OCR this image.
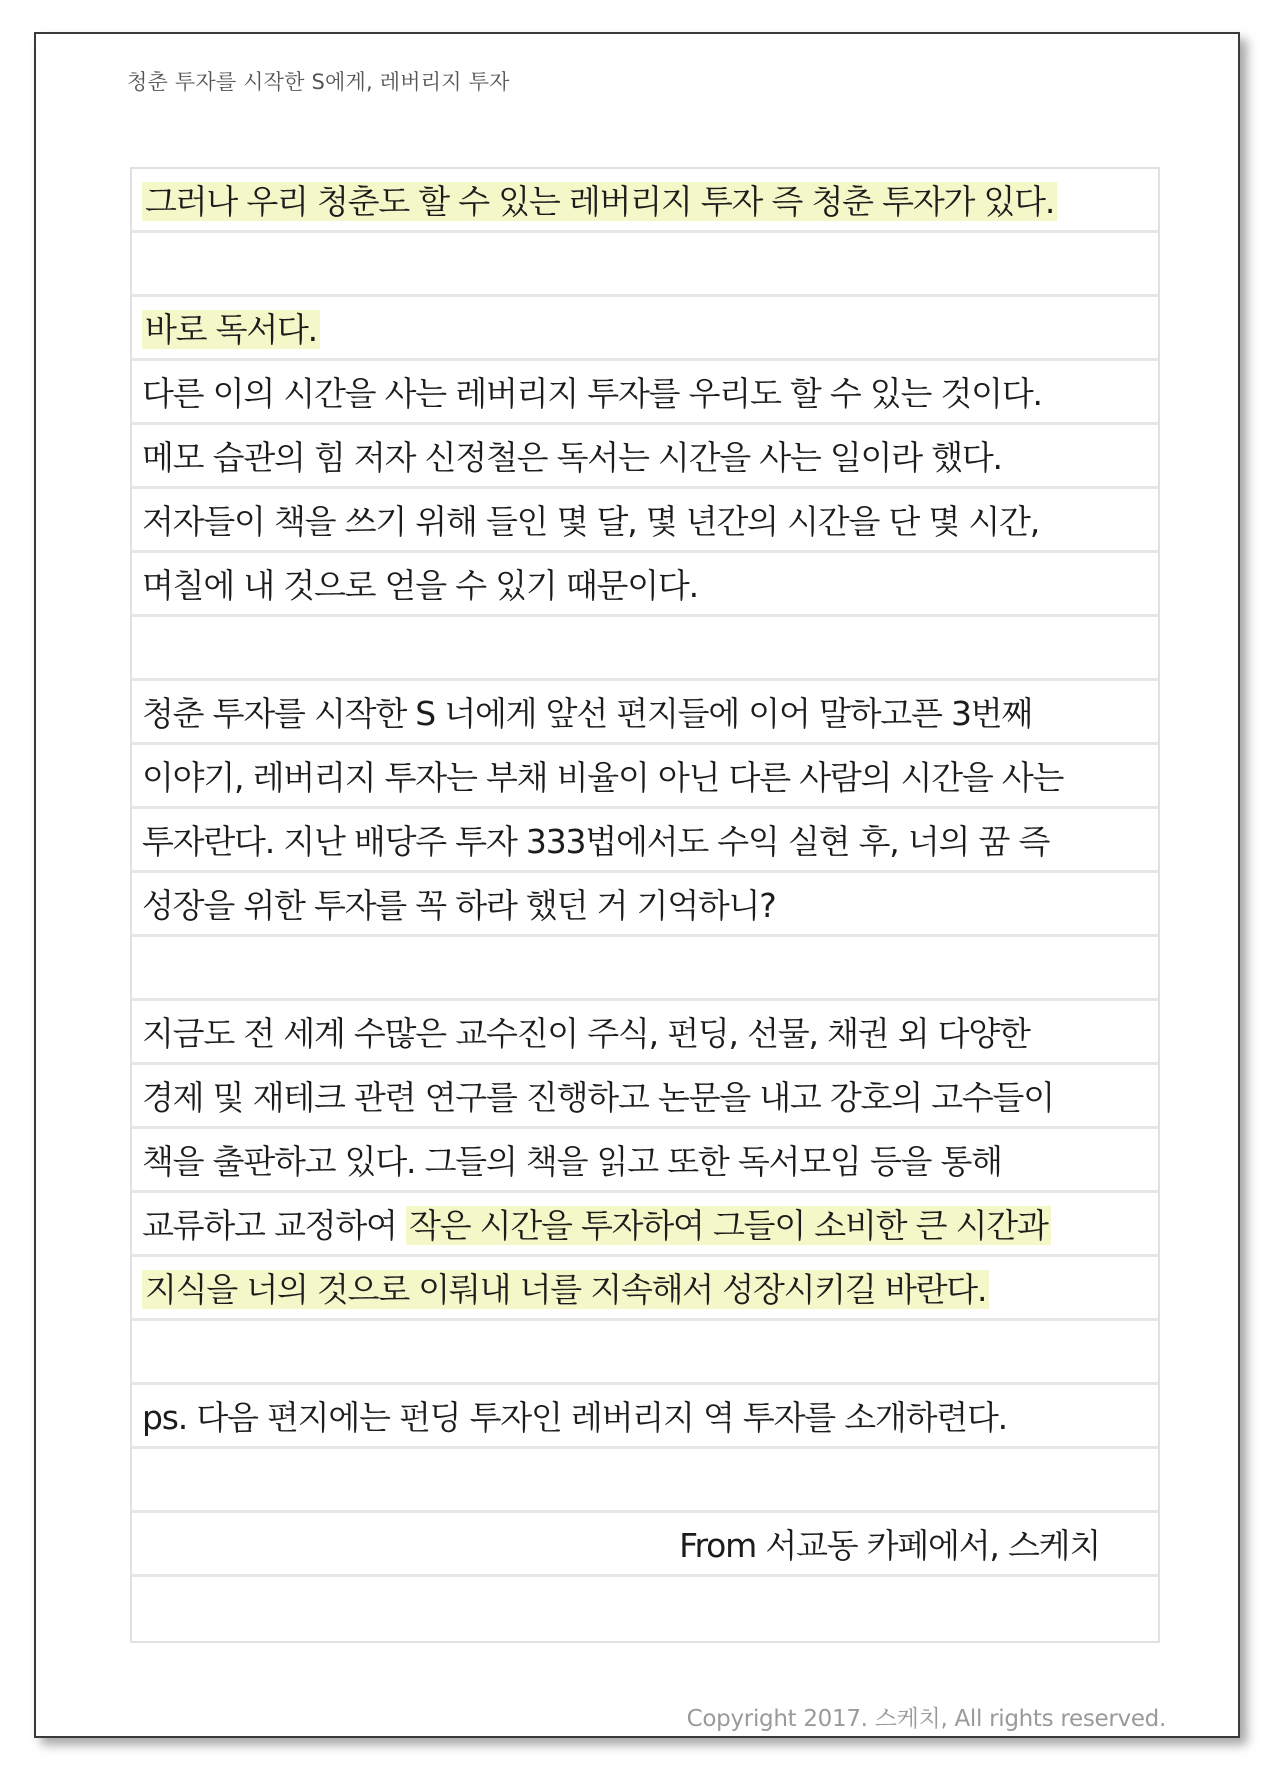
청춘 투자를 시작한 S에게, 레버리지 투자
그러나 우리 청춘도 할 수 있는 레버리지 투자 즉 청춘 투자가 있다.
바로 독서다.
다른 이의 시간을 사는 레버리지 투자를 우리도 할 수 있는 것이다.
메모 습관의 힘 저자 신정철은 독서는 시간을 사는 일이라 했다.
저자들이 책을 쓰기 위해 들인 몇 달, 몇 년간의 시간을 단 몇 시간,
며칠에 내 것으로 얻을 수 있기 때문이다.
청춘 투자를 시작한 S 너에게 앞선 편지들에 이어 말하고픈 3번째
이야기, 레버리지 투자는 부채 비율이 아닌 다른 사람의 시간을 사는
투자란다. 지난 배당주 투자 333법에서도 수익 실현 후, 너의 꿈 즉
성장을 위한 투자를 꼭 하라 했던 거 기억하니?
지금도 전 세계 수많은 교수진이 주식, 펀딩, 선물, 채권 외 다양한
경제 및 재테크 관련 연구를 진행하고 논문을 내고 강호의 고수들이
책을 출판하고 있다. 그들의 책을 읽고 또한 독서모임 등을 통해
교류하고 교정하여 작은 시간을 투자하여 그들이 소비한 큰 시간과
지식을 너의 것으로 이뤄내 너를 지속해서 성장시키길 바란다.
ps. 다음 편지에는 펀딩 투자인 레버리지 역 투자를 소개하련다.
From 서교동 카페에서, 스케치
Copyright 2017. 스케치, All rights reserved.
